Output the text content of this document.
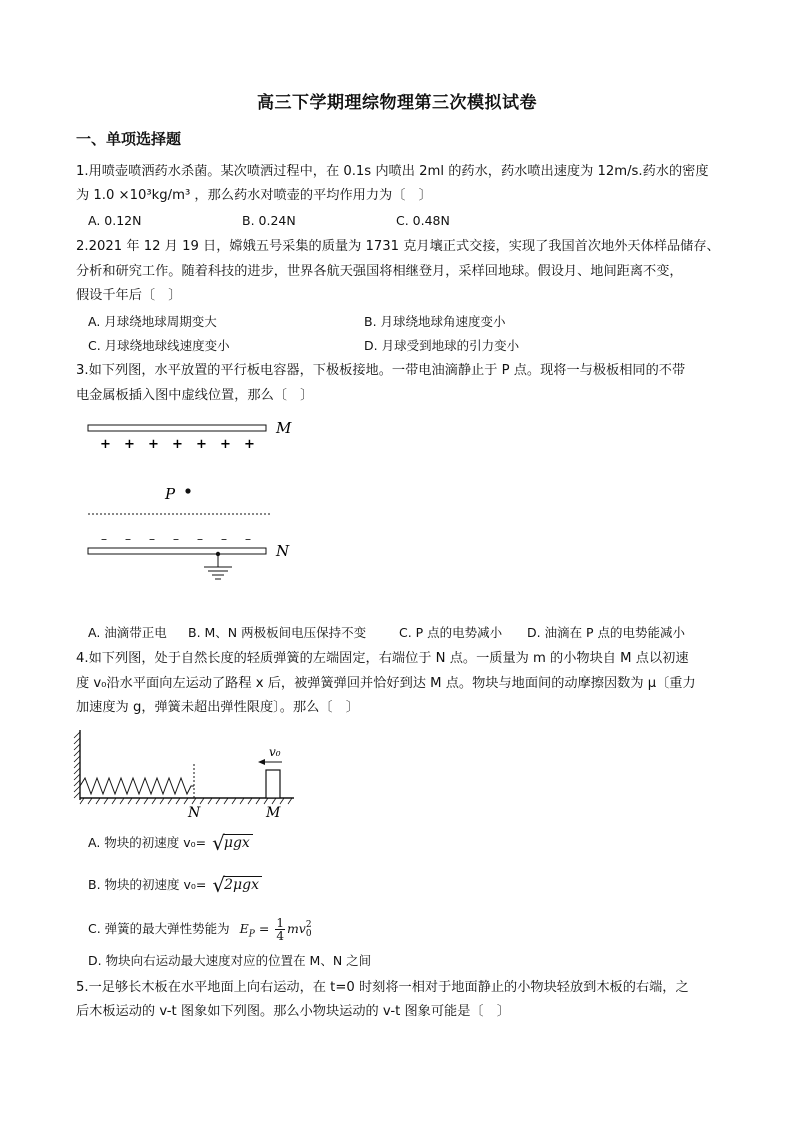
高三下学期理综物理第三次模拟试卷
一、单项选择题
1.用喷壶喷洒药水杀菌。某次喷洒过程中，在 0.1s 内喷出 2ml 的药水，药水喷出速度为 12m/s.药水的密度
为 1.0 ×10³kg/m³ ，那么药水对喷壶的平均作用力为〔　〕
A. 0.12N	B. 0.24N	C. 0.48N
2.2021 年 12 月 19 日，嫦娥五号采集的质量为 1731 克月壤正式交接，实现了我国首次地外天体样品储存、
分析和研究工作。随着科技的进步，世界各航天强国将相继登月，采样回地球。假设月、地间距离不变，
假设千年后〔　〕
A. 月球绕地球周期变大	B. 月球绕地球角速度变小
C. 月球绕地球线速度变小	D. 月球受到地球的引力变小
3.如下列图，水平放置的平行板电容器，下极板接地。一带电油滴静止于 P 点。现将一与极板相同的不带
电金属板插入图中虚线位置，那么〔　〕
M
+ + + + + + +
P
– – – – – – –
N
A. 油滴带正电 B. M、N 两极板间电压保持不变	C. P 点的电势减小 D. 油滴在 P 点的电势能减小
4.如下列图，处于自然长度的轻质弹簧的左端固定，右端位于 N 点。一质量为 m 的小物块自 M 点以初速
度 v₀沿水平面向左运动了路程 x 后，被弹簧弹回并恰好到达 M 点。物块与地面间的动摩擦因数为 μ〔重力
加速度为 g，弹簧未超出弹性限度〕。那么〔　〕
N	M
v₀
A. 物块的初速度 v₀= √μgx
B. 物块的初速度 v₀= √2μgx
C. 弹簧的最大弹性势能为 $E_P = \frac{1}{4}$ mv 2
0
D. 物块向右运动最大速度对应的位置在 M、N 之间
5.一足够长木板在水平地面上向右运动，在 t=0 时刻将一相对于地面静止的小物块轻放到木板的右端，之
后木板运动的 v-t 图象如下列图。那么小物块运动的 v-t 图象可能是〔　〕
